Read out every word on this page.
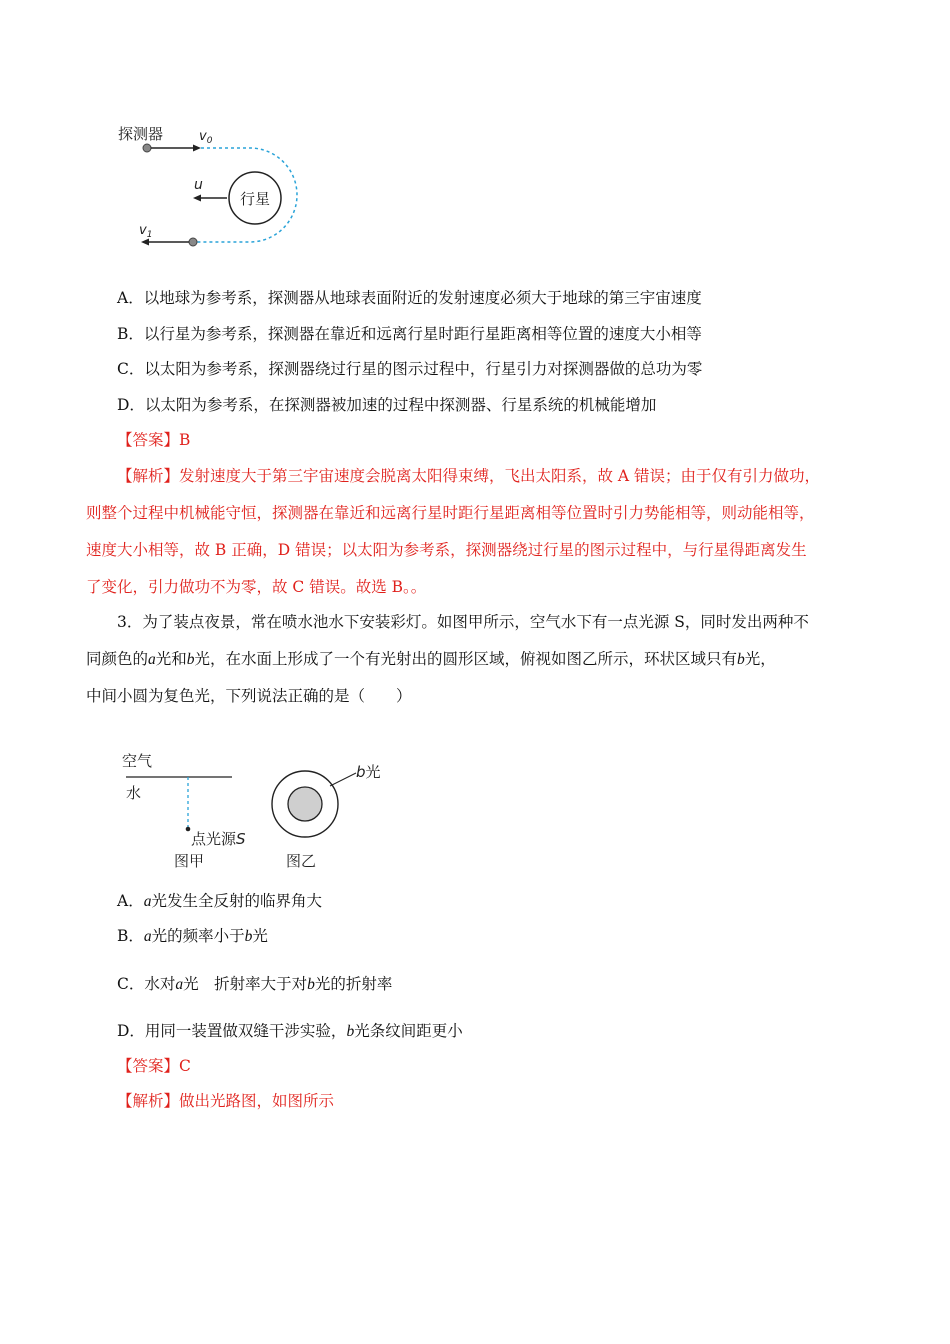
探测器	$v_0$
行星
u
$v_1$
A．以地球为参考系，探测器从地球表面附近的发射速度必须大于地球的第三宇宙速度
B．以行星为参考系，探测器在靠近和远离行星时距行星距离相等位置的速度大小相等
C．以太阳为参考系，探测器绕过行星的图示过程中，行星引力对探测器做的总功为零
D．以太阳为参考系，在探测器被加速的过程中探测器、行星系统的机械能增加
【答案】B
【解析】发射速度大于第三宇宙速度会脱离太阳得束缚，飞出太阳系，故 A 错误；由于仅有引力做功，
则整个过程中机械能守恒，探测器在靠近和远离行星时距行星距离相等位置时引力势能相等，则动能相等，
速度大小相等，故 B 正确，D 错误；以太阳为参考系，探测器绕过行星的图示过程中，与行星得距离发生
了变化，引力做功不为零，故 C 错误。故选 B。。
3．为了装点夜景，常在喷水池水下安装彩灯。如图甲所示，空气水下有一点光源 S，同时发出两种不
同颜色的a光和b光，在水面上形成了一个有光射出的圆形区域，俯视如图乙所示，环状区域只有b光，
中间小圆为复色光，下列说法正确的是（　　）
空气
水
点光源S
图甲
b光
图乙
A．a光发生全反射的临界角大
B．a光的频率小于b光
C．水对a光　折射率大于对b光的折射率
D．用同一装置做双缝干涉实验，b光条纹间距更小
【答案】C
【解析】做出光路图，如图所示
